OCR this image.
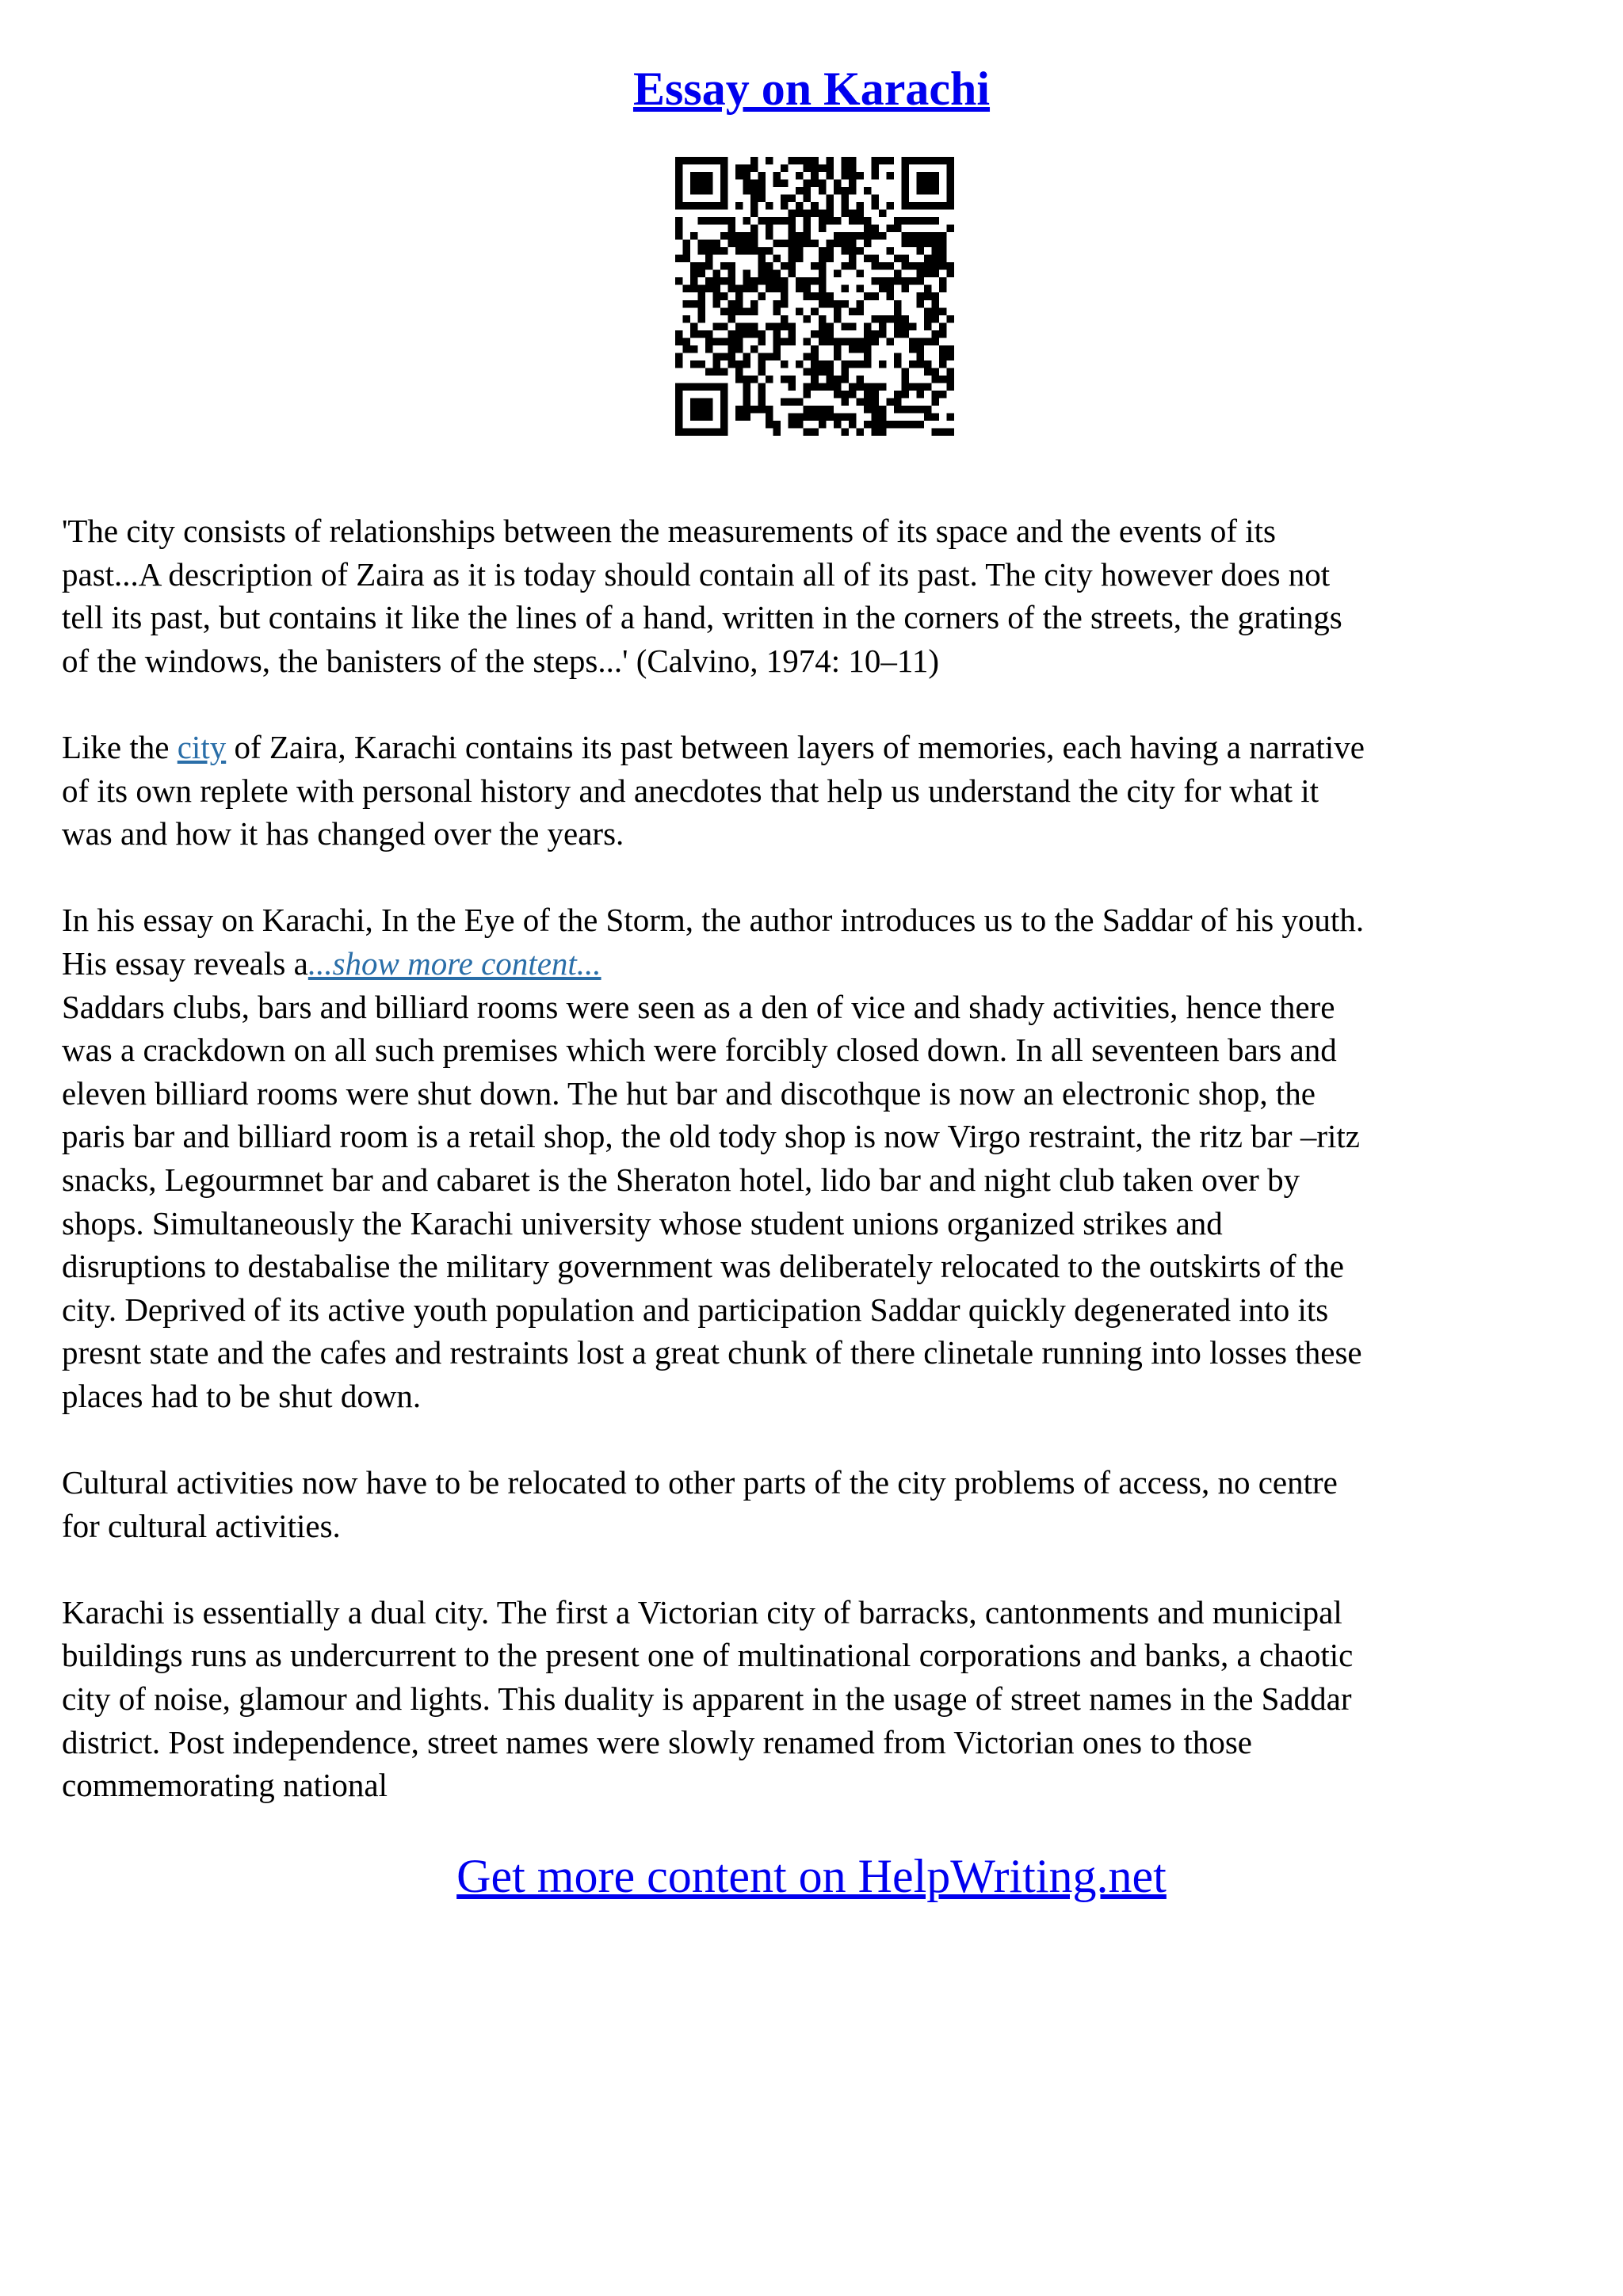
Essay on Karachi

'The city consists of relationships between the measurements of its space and the events of its
past...A description of Zaira as it is today should contain all of its past. The city however does not
tell its past, but contains it like the lines of a hand, written in the corners of the streets, the gratings
of the windows, the banisters of the steps...' (Calvino, 1974: 10–11)

Like the city of Zaira, Karachi contains its past between layers of memories, each having a narrative
of its own replete with personal history and anecdotes that help us understand the city for what it
was and how it has changed over the years.

In his essay on Karachi, In the Eye of the Storm, the author introduces us to the Saddar of his youth.
His essay reveals a...show more content...

Saddars clubs, bars and billiard rooms were seen as a den of vice and shady activities, hence there
was a crackdown on all such premises which were forcibly closed down. In all seventeen bars and
eleven billiard rooms were shut down. The hut bar and discothque is now an electronic shop, the
paris bar and billiard room is a retail shop, the old tody shop is now Virgo restraint, the ritz bar –ritz
snacks, Legourmnet bar and cabaret is the Sheraton hotel, lido bar and night club taken over by
shops. Simultaneously the Karachi university whose student unions organized strikes and
disruptions to destabalise the military government was deliberately relocated to the outskirts of the
city. Deprived of its active youth population and participation Saddar quickly degenerated into its
presnt state and the cafes and restraints lost a great chunk of there clinetale running into losses these
places had to be shut down.

Cultural activities now have to be relocated to other parts of the city problems of access, no centre
for cultural activities.

Karachi is essentially a dual city. The first a Victorian city of barracks, cantonments and municipal
buildings runs as undercurrent to the present one of multinational corporations and banks, a chaotic
city of noise, glamour and lights. This duality is apparent in the usage of street names in the Saddar
district. Post independence, street names were slowly renamed from Victorian ones to those
commemorating national

Get more content on HelpWriting.net
